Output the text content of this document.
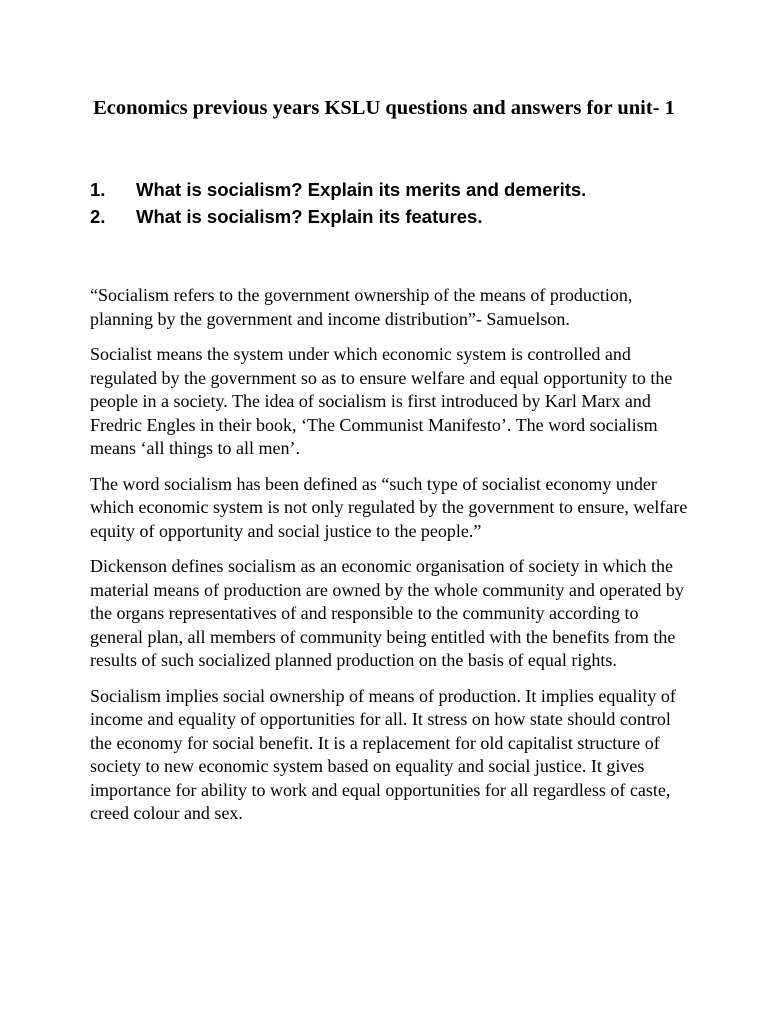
Economics previous years KSLU questions and answers for unit- 1
1. What is socialism? Explain its merits and demerits.
2. What is socialism? Explain its features.

“Socialism refers to the government ownership of the means of production, planning by the government and income distribution”- Samuelson.

Socialist means the system under which economic system is controlled and regulated by the government so as to ensure welfare and equal opportunity to the people in a society. The idea of socialism is first introduced by Karl Marx and Fredric Engles in their book, ‘The Communist Manifesto’. The word socialism means ‘all things to all men’.

The word socialism has been defined as “such type of socialist economy under which economic system is not only regulated by the government to ensure, welfare equity of opportunity and social justice to the people.”

Dickenson defines socialism as an economic organisation of society in which the material means of production are owned by the whole community and operated by the organs representatives of and responsible to the community according to general plan, all members of community being entitled with the benefits from the results of such socialized planned production on the basis of equal rights.

Socialism implies social ownership of means of production. It implies equality of income and equality of opportunities for all. It stress on how state should control the economy for social benefit. It is a replacement for old capitalist structure of society to new economic system based on equality and social justice. It gives importance for ability to work and equal opportunities for all regardless of caste, creed colour and sex.
